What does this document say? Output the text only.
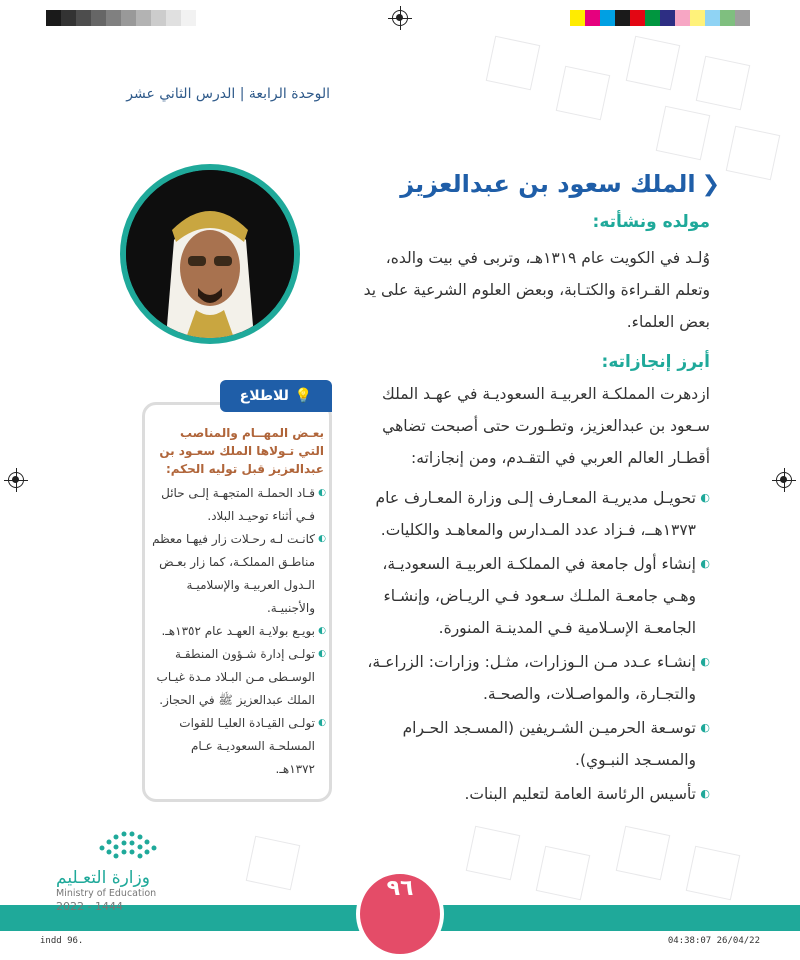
الوحدة الرابعة | الدرس الثاني عشر
❮
الملك سعود بن عبدالعزيز
مولده ونشأته:
وُلـد في الكويت عام ١٣١٩هـ، وتربى في بيت والده، وتعلم القـراءة والكتـابة، وبعض العلوم الشرعية على يد بعض العلماء.
أبرز إنجازاته:
ازدهرت المملكـة العربيـة السعوديـة في عهـد الملك سـعود بن عبدالعزيز، وتطـورت حتى أصبحت تضاهي أقطـار العالم العربي في التقـدم، ومن إنجازاته:
◐
تحويـل مديريـة المعـارف إلـى وزارة المعـارف عام ١٣٧٣هــ، فـزاد عدد المـدارس والمعاهـد والكليات.
◐
إنشاء أول جامعة في المملكـة العربيـة السعوديـة، وهـي جامعـة الملـك سـعود فـي الريـاض، وإنشـاء الجامعـة الإسـلامية فـي المدينـة المنورة.
◐
إنشـاء عـدد مـن الـوزارات، مثـل: وزارات: الزراعـة، والتجـارة، والمواصـلات، والصحـة.
◐
توسـعة الحرميـن الشـريفين (المسـجد الحـرام والمسـجد النبـوي).
◐
تأسيس الرئاسة العامة لتعليم البنات.
💡
للاطلاع
بعـض المهــام والمناصب التي تـولاها الملك سعـود بن عبدالعزيز قبل توليه الحكم:
◐
قـاد الحملـة المتجهـة إلـى حائل فـي أثناء توحيـد البلاد.
◐
كانـت لـه رحـلات زار فيهـا معظم مناطـق المملكـة، كما زار بعـض الـدول العربيـة والإسلاميـة والأجنبيـة.
◐
بويـع بولايـة العهـد عام ١٣٥٢هـ.
◐
تولـى إدارة شـؤون المنطقـة الوسـطى مـن البـلاد مـدة غيـاب الملك عبدالعزيز ﷺ في الحجاز.
◐
تولـى القيـادة العليـا للقوات المسلحـة السعوديـة عـام ١٣٧٢هـ.
وزارة التعـليم
Ministry of Education
2022 - 1444
٩٦
indd 96.	04:38:07 26/04/22
